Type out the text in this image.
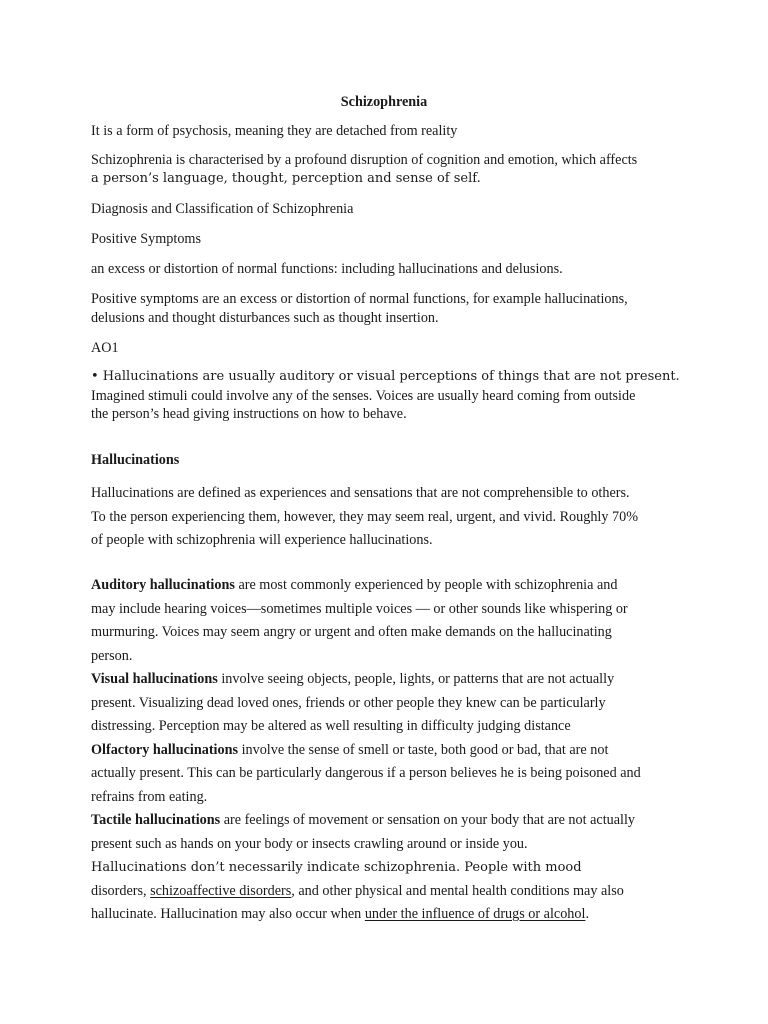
Schizophrenia

It is a form of psychosis, meaning they are detached from reality

Schizophrenia is characterised by a profound disruption of cognition and emotion, which affects
a person’s language, thought, perception and sense of self.

Diagnosis and Classification of Schizophrenia

Positive Symptoms

an excess or distortion of normal functions: including hallucinations and delusions.

Positive symptoms are an excess or distortion of normal functions, for example hallucinations,
delusions and thought disturbances such as thought insertion.

AO1

• Hallucinations are usually auditory or visual perceptions of things that are not present.
Imagined stimuli could involve any of the senses. Voices are usually heard coming from outside
the person’s head giving instructions on how to behave.

Hallucinations

Hallucinations are defined as experiences and sensations that are not comprehensible to others.
To the person experiencing them, however, they may seem real, urgent, and vivid. Roughly 70%
of people with schizophrenia will experience hallucinations.

Auditory hallucinations are most commonly experienced by people with schizophrenia and
may include hearing voices—sometimes multiple voices — or other sounds like whispering or
murmuring. Voices may seem angry or urgent and often make demands on the hallucinating
person.
Visual hallucinations involve seeing objects, people, lights, or patterns that are not actually
present. Visualizing dead loved ones, friends or other people they knew can be particularly
distressing. Perception may be altered as well resulting in difficulty judging distance
Olfactory hallucinations involve the sense of smell or taste, both good or bad, that are not
actually present. This can be particularly dangerous if a person believes he is being poisoned and
refrains from eating.
Tactile hallucinations are feelings of movement or sensation on your body that are not actually
present such as hands on your body or insects crawling around or inside you.
Hallucinations don’t necessarily indicate schizophrenia. People with mood
disorders, schizoaffective disorders, and other physical and mental health conditions may also
hallucinate. Hallucination may also occur when under the influence of drugs or alcohol.
